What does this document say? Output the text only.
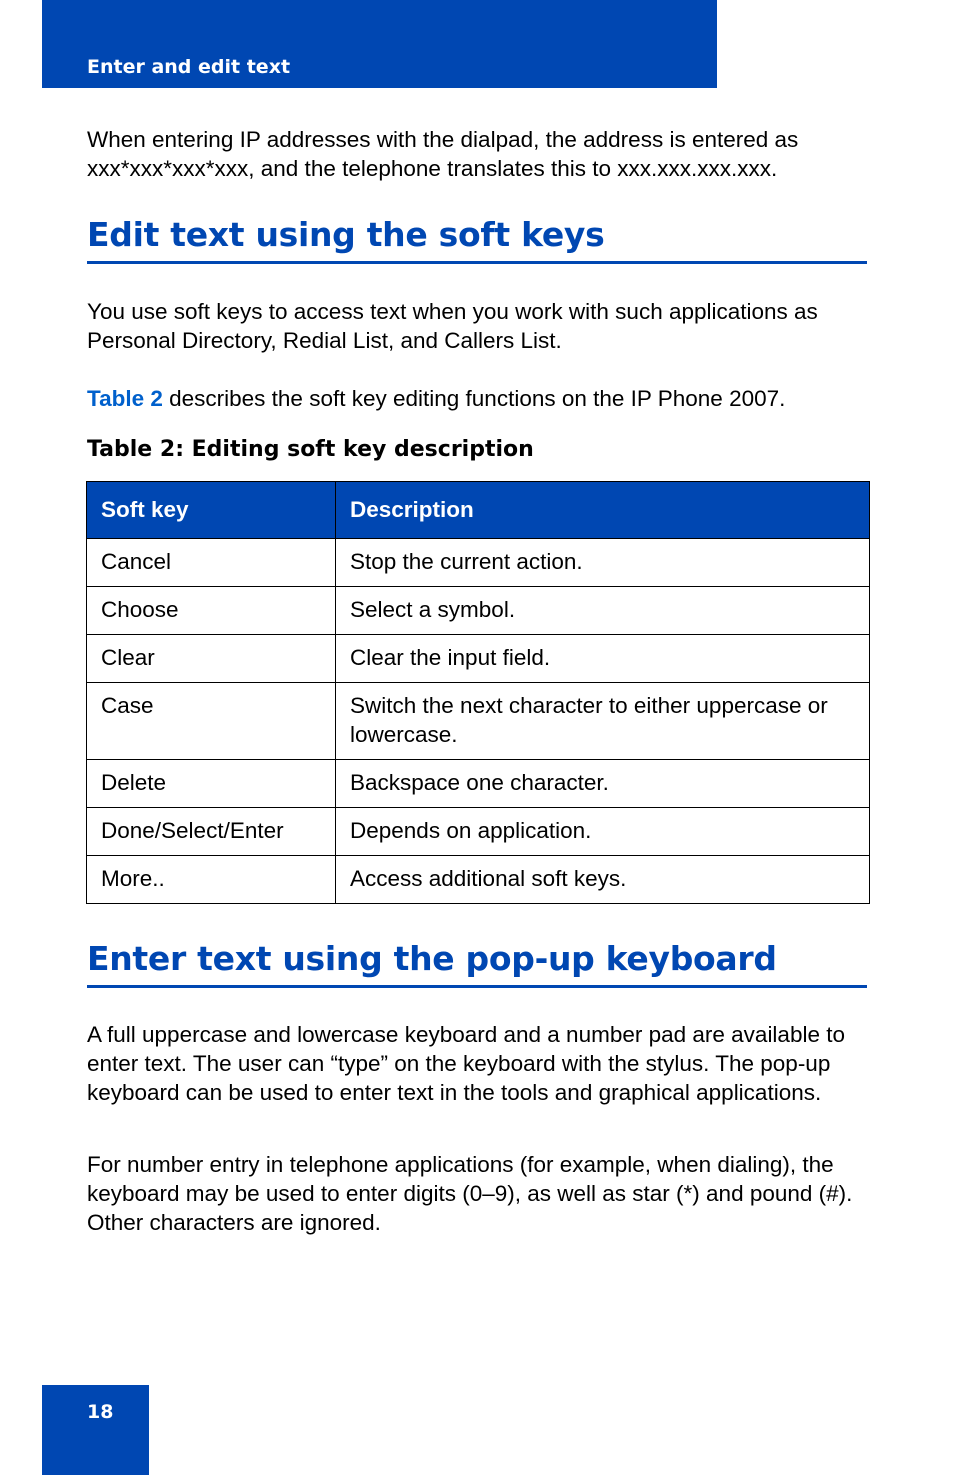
Enter and edit text

When entering IP addresses with the dialpad, the address is entered as xxx*xxx*xxx*xxx, and the telephone translates this to xxx.xxx.xxx.xxx.

Edit text using the soft keys

You use soft keys to access text when you work with such applications as Personal Directory, Redial List, and Callers List.

Table 2 describes the soft key editing functions on the IP Phone 2007.

Table 2: Editing soft key description

Soft key	Description
Cancel	Stop the current action.
Choose	Select a symbol.
Clear	Clear the input field.
Case	Switch the next character to either uppercase or lowercase.
Delete	Backspace one character.
Done/Select/Enter	Depends on application.
More..	Access additional soft keys.
Enter text using the pop-up keyboard

A full uppercase and lowercase keyboard and a number pad are available to enter text. The user can “type” on the keyboard with the stylus. The pop-up keyboard can be used to enter text in the tools and graphical applications.

For number entry in telephone applications (for example, when dialing), the keyboard may be used to enter digits (0–9), as well as star (*) and pound (#). Other characters are ignored.

18
